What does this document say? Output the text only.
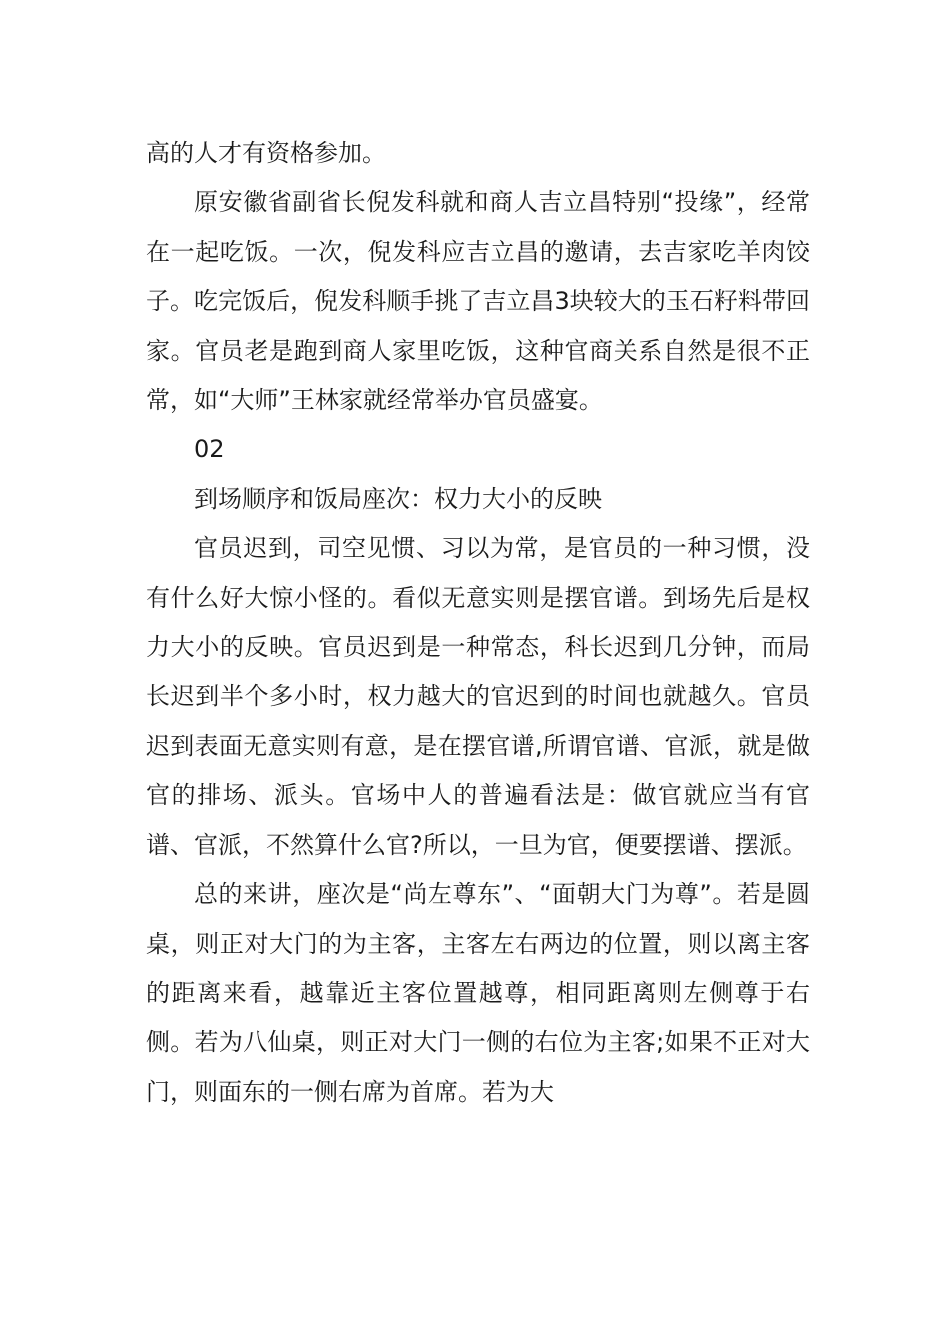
高的人才有资格参加。

原安徽省副省长倪发科就和商人吉立昌特别“投缘”，经常在一起吃饭。一次，倪发科应吉立昌的邀请，去吉家吃羊肉饺子。吃完饭后，倪发科顺手挑了吉立昌3块较大的玉石籽料带回家。官员老是跑到商人家里吃饭，这种官商关系自然是很不正常，如“大师”王林家就经常举办官员盛宴。

02

到场顺序和饭局座次：权力大小的反映

官员迟到，司空见惯、习以为常，是官员的一种习惯，没有什么好大惊小怪的。看似无意实则是摆官谱。到场先后是权力大小的反映。官员迟到是一种常态，科长迟到几分钟，而局长迟到半个多小时，权力越大的官迟到的时间也就越久。官员迟到表面无意实则有意，是在摆官谱,所谓官谱、官派，就是做官的排场、派头。官场中人的普遍看法是：做官就应当有官谱、官派，不然算什么官?所以，一旦为官，便要摆谱、摆派。

总的来讲，座次是“尚左尊东”、“面朝大门为尊”。若是圆桌，则正对大门的为主客，主客左右两边的位置，则以离主客的距离来看，越靠近主客位置越尊，相同距离则左侧尊于右侧。若为八仙桌，则正对大门一侧的右位为主客;如果不正对大门，则面东的一侧右席为首席。若为大
